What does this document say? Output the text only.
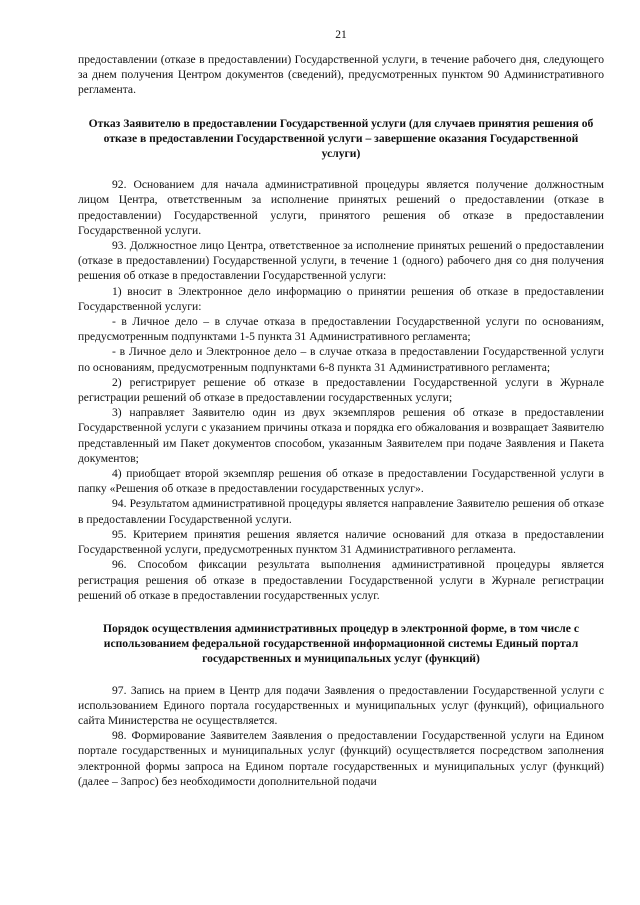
21

предоставлении (отказе в предоставлении) Государственной услуги, в течение рабочего дня, следующего за днем получения Центром документов (сведений), предусмотренных пунктом 90 Административного регламента.

Отказ Заявителю в предоставлении Государственной услуги (для случаев принятия решения об отказе в предоставлении Государственной услуги – завершение оказания Государственной услуги)

92. Основанием для начала административной процедуры является получение должностным лицом Центра, ответственным за исполнение принятых решений о предоставлении (отказе в предоставлении) Государственной услуги, принятого решения об отказе в предоставлении Государственной услуги.

93. Должностное лицо Центра, ответственное за исполнение принятых решений о предоставлении (отказе в предоставлении) Государственной услуги, в течение 1 (одного) рабочего дня со дня получения решения об отказе в предоставлении Государственной услуги:

1) вносит в Электронное дело информацию о принятии решения об отказе в предоставлении Государственной услуги:

- в Личное дело – в случае отказа в предоставлении Государственной услуги по основаниям, предусмотренным подпунктами 1-5 пункта 31 Административного регламента;

- в Личное дело и Электронное дело – в случае отказа в предоставлении Государственной услуги по основаниям, предусмотренным подпунктами 6-8 пункта 31 Административного регламента;

2) регистрирует решение об отказе в предоставлении Государственной услуги в Журнале регистрации решений об отказе в предоставлении государственных услуги;

3) направляет Заявителю один из двух экземпляров решения об отказе в предоставлении Государственной услуги с указанием причины отказа и порядка его обжалования и возвращает Заявителю представленный им Пакет документов способом, указанным Заявителем при подаче Заявления и Пакета документов;

4) приобщает второй экземпляр решения об отказе в предоставлении Государственной услуги в папку «Решения об отказе в предоставлении государственных услуг».

94. Результатом административной процедуры является направление Заявителю решения об отказе в предоставлении Государственной услуги.

95. Критерием принятия решения является наличие оснований для отказа в предоставлении Государственной услуги, предусмотренных пунктом 31 Административного регламента.

96. Способом фиксации результата выполнения административной процедуры является регистрация решения об отказе в предоставлении Государственной услуги в Журнале регистрации решений об отказе в предоставлении государственных услуг.

Порядок осуществления административных процедур в электронной форме, в том числе с использованием федеральной государственной информационной системы Единый портал государственных и муниципальных услуг (функций)

97. Запись на прием в Центр для подачи Заявления о предоставлении Государственной услуги с использованием Единого портала государственных и муниципальных услуг (функций), официального сайта Министерства не осуществляется.

98. Формирование Заявителем Заявления о предоставлении Государственной услуги на Едином портале государственных и муниципальных услуг (функций) осуществляется посредством заполнения электронной формы запроса на Едином портале государственных и муниципальных услуг (функций) (далее – Запрос) без необходимости дополнительной подачи
